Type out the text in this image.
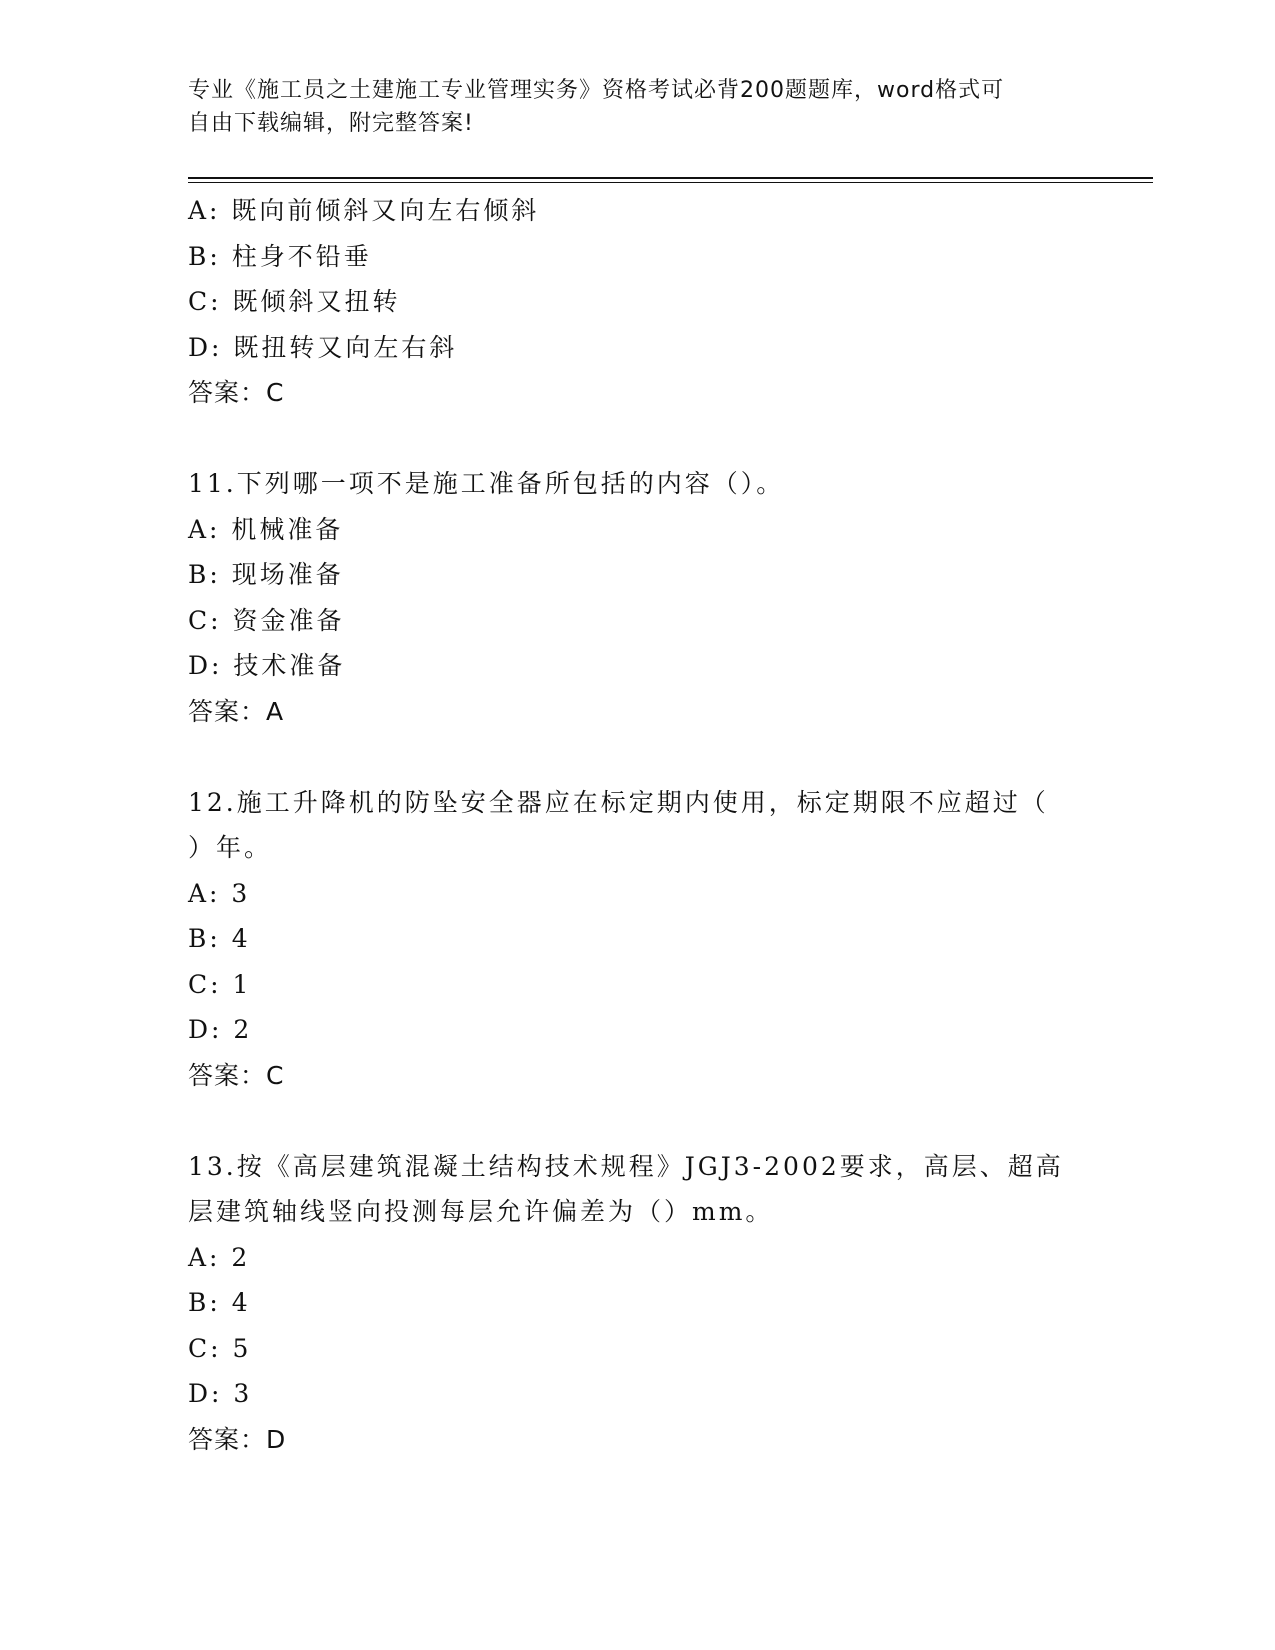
专业《施工员之土建施工专业管理实务》资格考试必背200题题库，word格式可
自由下载编辑，附完整答案!
A: 既向前倾斜又向左右倾斜
B: 柱身不铅垂
C: 既倾斜又扭转
D: 既扭转又向左右斜
答案：C
11.下列哪一项不是施工准备所包括的内容（）。
A: 机械准备
B: 现场准备
C: 资金准备
D: 技术准备
答案：A
12.施工升降机的防坠安全器应在标定期内使用，标定期限不应超过（
）年。
A: 3
B: 4
C: 1
D: 2
答案：C
13.按《高层建筑混凝土结构技术规程》JGJ3-2002要求，高层、超高
层建筑轴线竖向投测每层允许偏差为（）mm。
A: 2
B: 4
C: 5
D: 3
答案：D
